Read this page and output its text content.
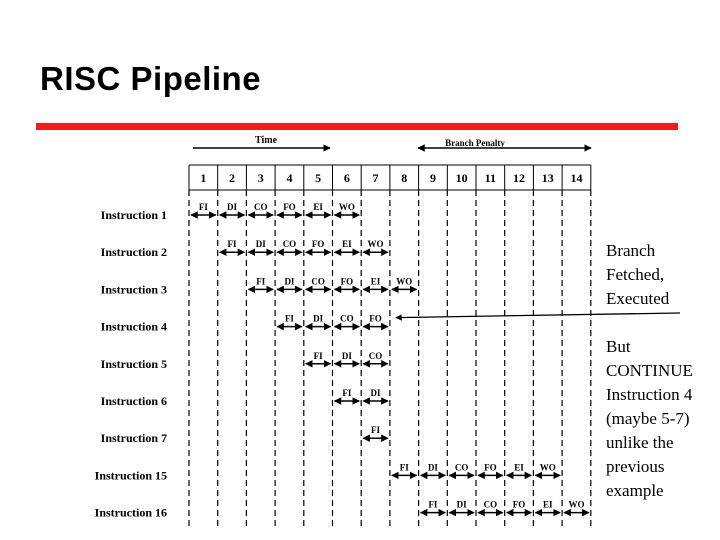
RISC Pipeline
Time	Branch Penalty
1 2 3 4 5 6 7 8 9 10 11 12 13 14
Instruction 1
FI DI CO FO EI WO
Instruction 2
FI DI CO FO EI WO
Instruction 3
FI DI CO FO EI WO
Instruction 4
FI DI CO FO
Instruction 5
FI DI CO
Instruction 6
FI DI
Instruction 7
FI
Instruction 15
FI DI CO FO EI WO
Instruction 16
FI DI CO FO EI WO

Branch
Fetched,
Executed

But
CONTINUE
Instruction 4
(maybe 5-7)
unlike the
previous
example
